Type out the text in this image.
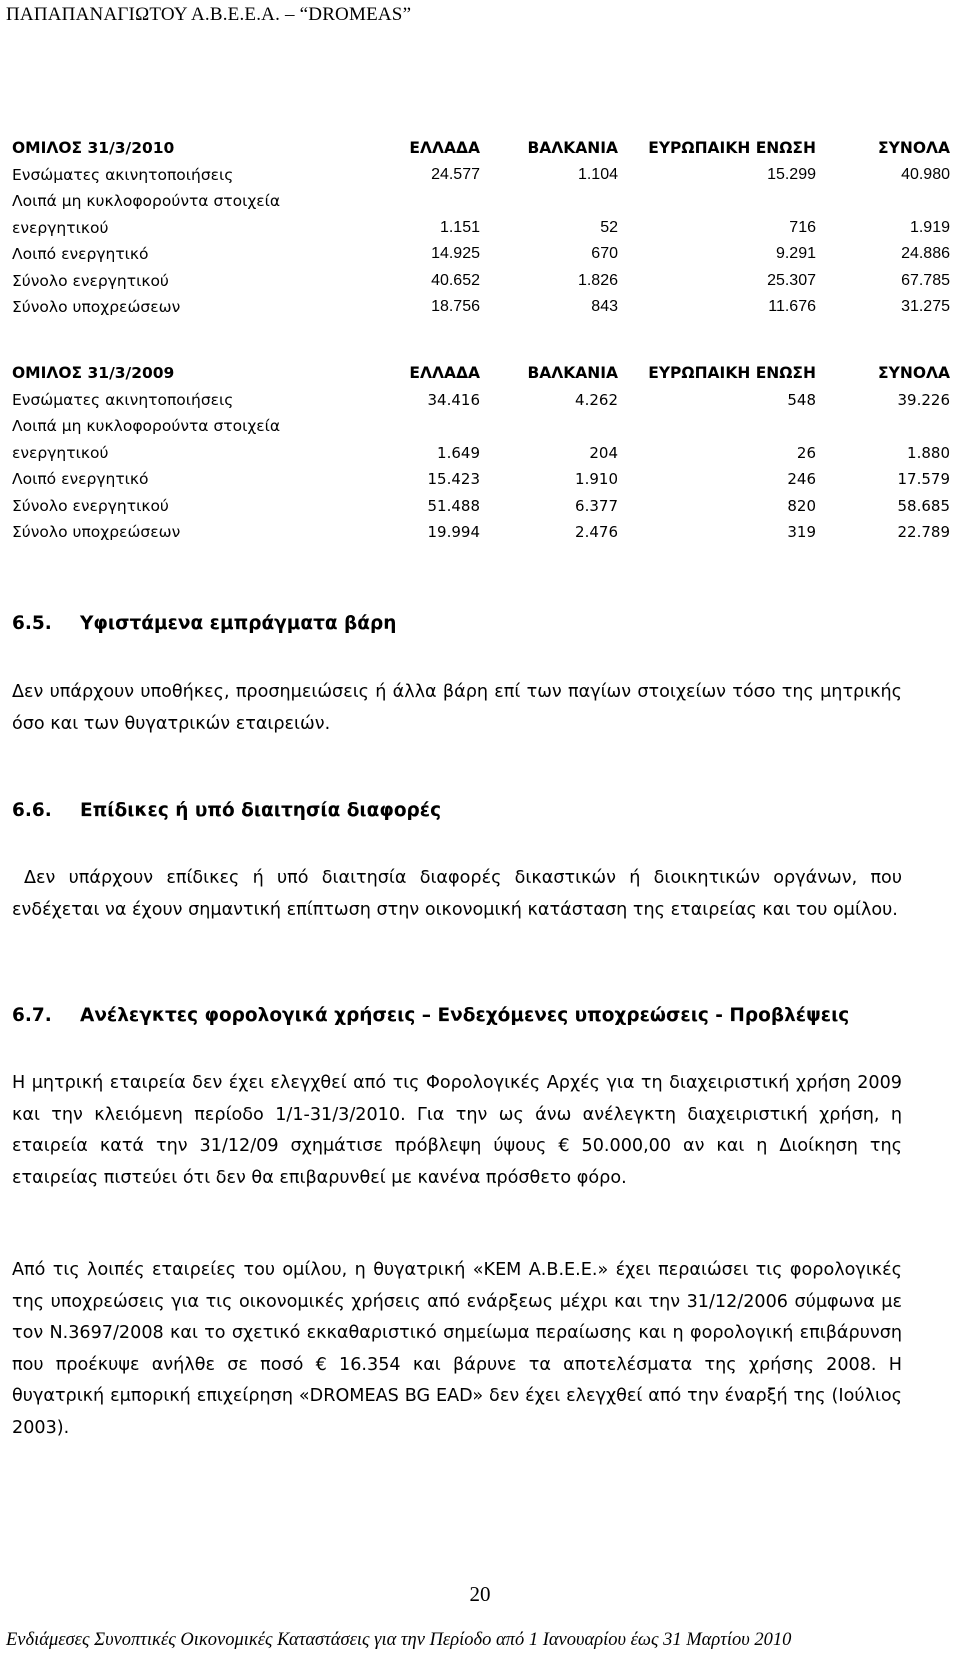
ΠΑΠΑΠΑΝΑΓΙΩΤΟΥ Α.Β.Ε.Ε.Α. – “DROMEAS”
ΟΜΙΛΟΣ 31/3/2010	ΕΛΛΑΔΑ	ΒΑΛΚΑΝΙΑ	ΕΥΡΩΠΑΙΚΗ ΕΝΩΣΗ	ΣΥΝΟΛΑ
Ενσώματες ακινητοποιήσεις	24.577	1.104	15.299	40.980
Λοιπά μη κυκλοφορούντα στοιχεία				
ενεργητικού	1.151	52	716	1.919
Λοιπό ενεργητικό	14.925	670	9.291	24.886
Σύνολο ενεργητικού	40.652	1.826	25.307	67.785
Σύνολο υποχρεώσεων	18.756	843	11.676	31.275
ΟΜΙΛΟΣ 31/3/2009	ΕΛΛΑΔΑ	ΒΑΛΚΑΝΙΑ	ΕΥΡΩΠΑΙΚΗ ΕΝΩΣΗ	ΣΥΝΟΛΑ
Ενσώματες ακινητοποιήσεις	34.416	4.262	548	39.226
Λοιπά μη κυκλοφορούντα στοιχεία				
ενεργητικού	1.649	204	26	1.880
Λοιπό ενεργητικό	15.423	1.910	246	17.579
Σύνολο ενεργητικού	51.488	6.377	820	58.685
Σύνολο υποχρεώσεων	19.994	2.476	319	22.789
6.5. Υφιστάμενα εμπράγματα βάρη
Δεν υπάρχουν υποθήκες, προσημειώσεις ή άλλα βάρη επί των παγίων στοιχείων τόσο της μητρικής όσο και των θυγατρικών εταιρειών.
6.6. Επίδικες ή υπό διαιτησία διαφορές
Δεν υπάρχουν επίδικες ή υπό διαιτησία διαφορές δικαστικών ή διοικητικών οργάνων, που ενδέχεται να έχουν σημαντική επίπτωση στην οικονομική κατάσταση της εταιρείας και του ομίλου.
6.7. Ανέλεγκτες φορολογικά χρήσεις – Ενδεχόμενες υποχρεώσεις - Προβλέψεις
Η μητρική εταιρεία δεν έχει ελεγχθεί από τις Φορολογικές Αρχές για τη διαχειριστική χρήση 2009 και την κλειόμενη περίοδο 1/1-31/3/2010. Για την ως άνω ανέλεγκτη διαχειριστική χρήση, η εταιρεία κατά την 31/12/09 σχημάτισε πρόβλεψη ύψους € 50.000,00 αν και η Διοίκηση της εταιρείας πιστεύει ότι δεν θα επιβαρυνθεί με κανένα πρόσθετο φόρο.
Από τις λοιπές εταιρείες του ομίλου, η θυγατρική «ΚΕΜ Α.Β.Ε.Ε.» έχει περαιώσει τις φορολογικές της υποχρεώσεις για τις οικονομικές χρήσεις από ενάρξεως μέχρι και την 31/12/2006 σύμφωνα με τον Ν.3697/2008 και το σχετικό εκκαθαριστικό σημείωμα περαίωσης και η φορολογική επιβάρυνση που προέκυψε ανήλθε σε ποσό € 16.354 και βάρυνε τα αποτελέσματα της χρήσης 2008. Η θυγατρική εμπορική επιχείρηση «DROMEAS BG EAD» δεν έχει ελεγχθεί από την έναρξή της (Ιούλιος 2003).
20
Ενδιάμεσες Συνοπτικές Οικονομικές Καταστάσεις για την Περίοδο από 1 Ιανουαρίου έως 31 Μαρτίου 2010
